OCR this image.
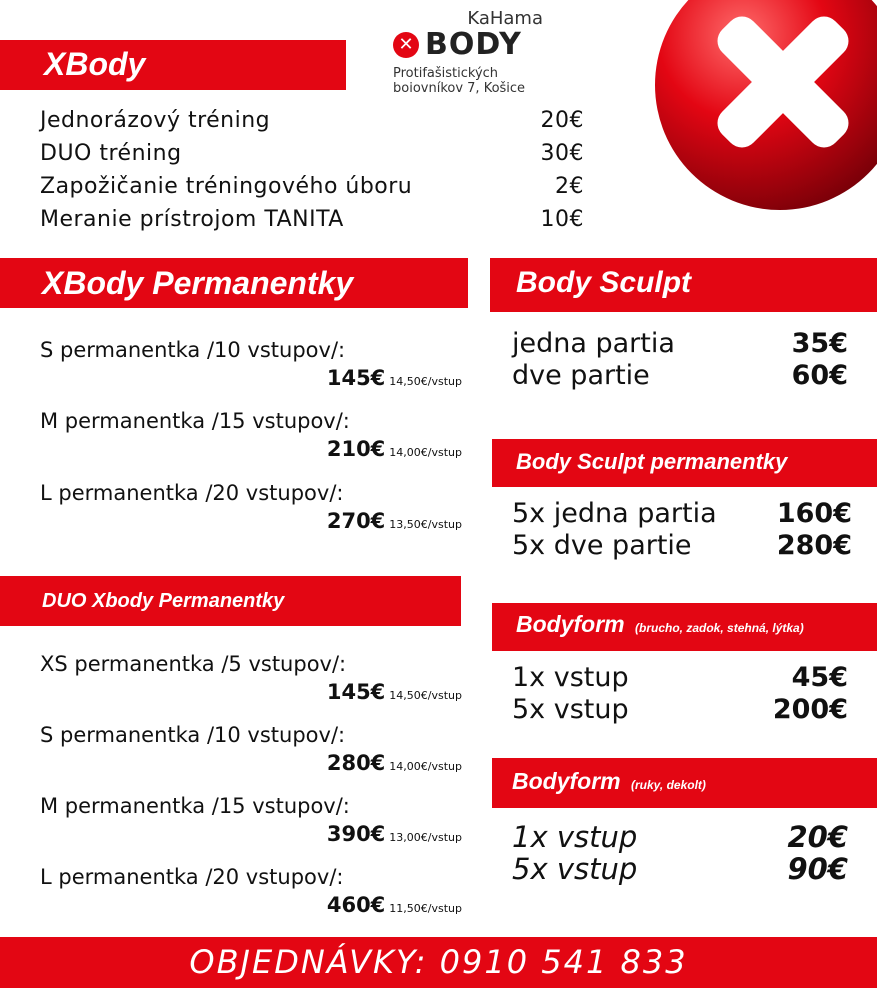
KaHama
✕ BODY
Protifašistických
boiovníkov 7, Košice
XBody
Jednorázový tréning	20€
DUO tréning	30€
Zapožičanie tréningového úboru	2€
Meranie prístrojom TANITA	10€
XBody Permanentky
S permanentka /10 vstupov/:
145€ 14,50€/vstup
M permanentka /15 vstupov/:
210€ 14,00€/vstup
L permanentka /20 vstupov/:
270€ 13,50€/vstup
DUO Xbody Permanentky
XS permanentka /5 vstupov/:
145€ 14,50€/vstup
S permanentka /10 vstupov/:
280€ 14,00€/vstup
M permanentka /15 vstupov/:
390€ 13,00€/vstup
L permanentka /20 vstupov/:
460€ 11,50€/vstup
Body Sculpt
jedna partia	35€
dve partie	60€
Body Sculpt permanentky
5x jedna partia 160€
5x dve partie	280€
Bodyform (brucho, zadok, stehná, lýtka)
1x vstup	45€
5x vstup	200€
Bodyform (ruky, dekolt)
1x vstup	20€
5x vstup	90€
OBJEDNÁVKY: 0910 541 833
